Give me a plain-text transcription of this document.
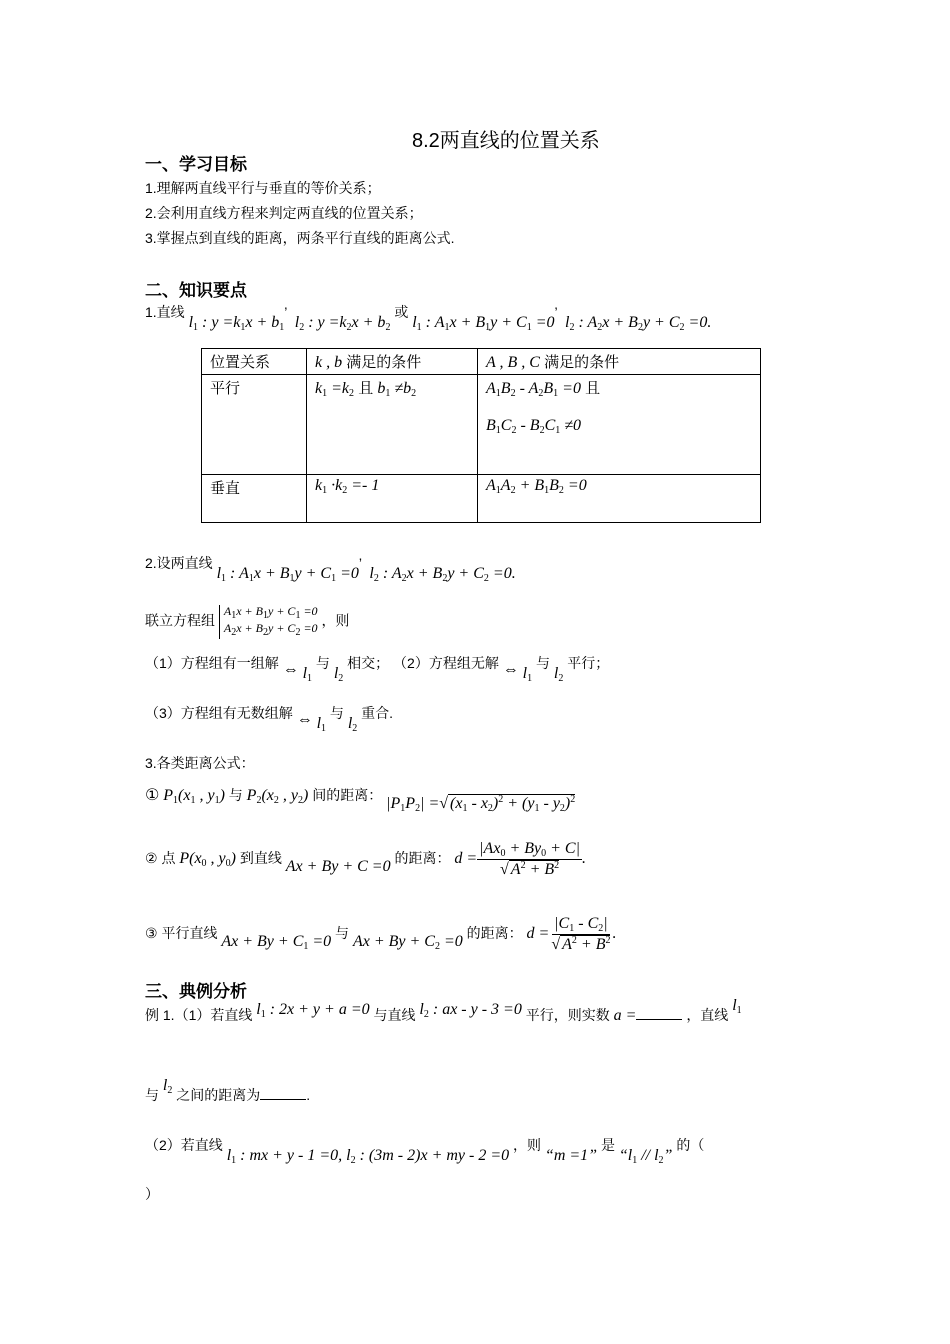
8.2两直线的位置关系
一、学习目标
1.理解两直线平行与垂直的等价关系；
2.会利用直线方程来判定两直线的位置关系；
3.掌握点到直线的距离，两条平行直线的距离公式.
二、知识要点
1.直线 $l_1$ : $y =k_1x + b_1$’  $l_2$ : $y =k_2x + b_2$ 或 $l_1$ : $A_1x + B_1y + C_1 =0$’  $l_2$ : $A_2x + B_2y + C_2 =0$.
位置关系	k , b 满足的条件	A , B , C 满足的条件
平行	$k_1 =k_2$ 且 $b_1 \ne b_2$	$A_1B_2 - A_2B_1 =0$ 且
$B_1C_2 - B_2C_1 \ne 0$

垂直	$k_1 \cdot k_2 =- 1$	$A_1A_2 + B_1B_2 =0$
2.设两直线 $l_1$ : $A_1x + B_1y + C_1 =0$’  $l_2$ : $A_2x + B_2y + C_2 =0$.
联立方程组 $A_1x + B_1y + C_1 =0$
$A_2x + B_2y + C_2 =0$ ，则
（1）方程组有一组解 ⇔ $l_1$ 与 $l_2$ 相交； （2）方程组无解 ⇔ $l_1$ 与 $l_2$ 平行；
（3）方程组有无数组解 ⇔ $l_1$ 与 $l_2$ 重合.
3.各类距离公式：
① $P_1(x_1$ , $y_1$) 与 $P_2(x_2$ , $y_2$) 间的距离： $|P_1P_2|$ =√ $(x_1 - x_2)^2 + (y_1 - y_2)^2$
② 点 $P(x_0$ , $y_0$) 到直线 Ax + By + C =0 的距离： $d = \frac{|Ax_0 + By_0 + C|}{√ A^2 + B^2}$ .
③ 平行直线 $Ax + By + C_1 =0$ 与 $Ax + By + C_2 =0$ 的距离： $d = \frac{|C_1 - C_2|}{√ A^2 + B^2}$ .
三、典例分析
例 1.（1）若直线 $l_1$ : 2x + y + a =0 与直线 $l_2$ : ax - y - 3 =0 平行，则实数 a =	，直线 $l_1$
与 $l_2$ 之间的距离为	.
（2）若直线 $l_1$ : mx + y - 1 =0, $l_2$ : (3m - 2)x + my - 2 =0 ，则 “m =1” 是 “$l_1 // l_2$” 的（
）
